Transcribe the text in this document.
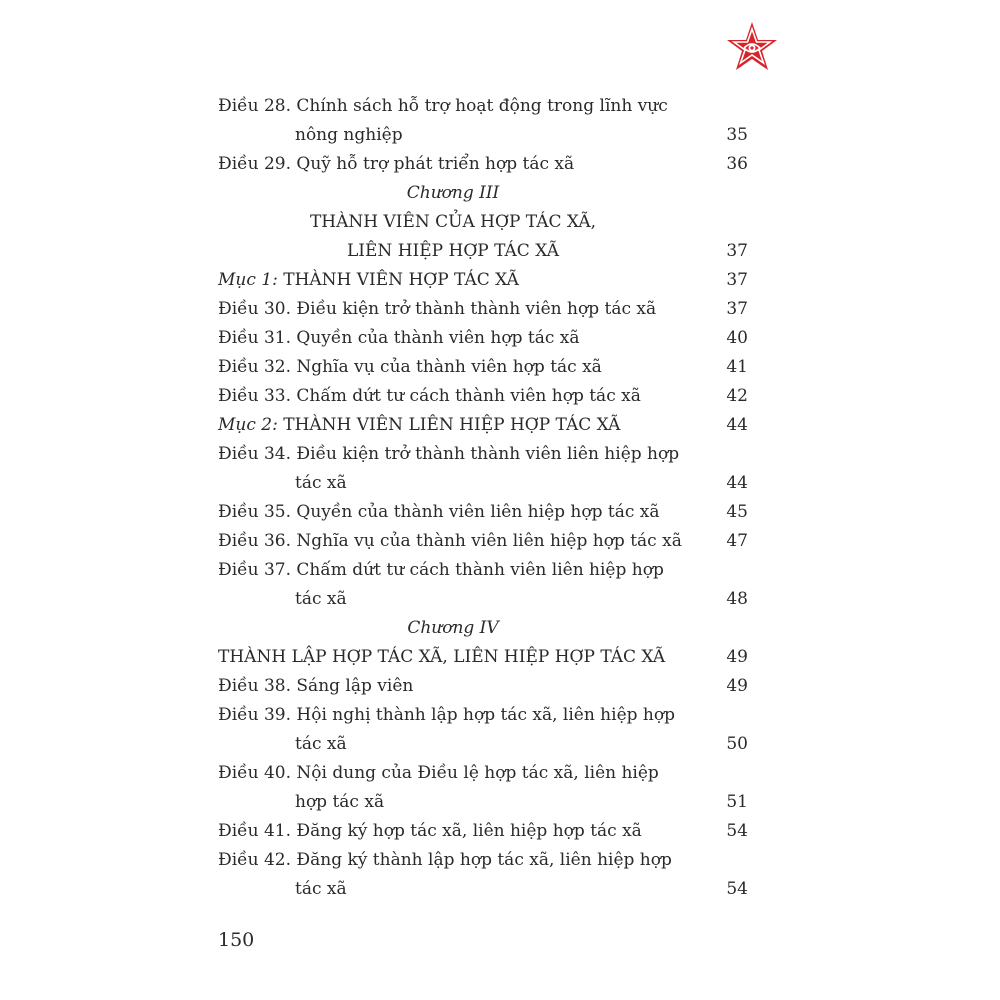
Điều 28. Chính sách hỗ trợ hoạt động trong lĩnh vực
nông nghiệp	35
Điều 29. Quỹ hỗ trợ phát triển hợp tác xã	36
Chương III
THÀNH VIÊN CỦA HỢP TÁC XÃ,
LIÊN HIỆP HỢP TÁC XÃ	37
Mục 1: THÀNH VIÊN HỢP TÁC XÃ	37
Điều 30. Điều kiện trở thành thành viên hợp tác xã	37
Điều 31. Quyền của thành viên hợp tác xã	40
Điều 32. Nghĩa vụ của thành viên hợp tác xã	41
Điều 33. Chấm dứt tư cách thành viên hợp tác xã	42
Mục 2: THÀNH VIÊN LIÊN HIỆP HỢP TÁC XÃ	44
Điều 34. Điều kiện trở thành thành viên liên hiệp hợp
tác xã	44
Điều 35. Quyền của thành viên liên hiệp hợp tác xã	45
Điều 36. Nghĩa vụ của thành viên liên hiệp hợp tác xã	47
Điều 37. Chấm dứt tư cách thành viên liên hiệp hợp
tác xã	48
Chương IV
THÀNH LẬP HỢP TÁC XÃ, LIÊN HIỆP HỢP TÁC XÃ	49
Điều 38. Sáng lập viên	49
Điều 39. Hội nghị thành lập hợp tác xã, liên hiệp hợp
tác xã	50
Điều 40. Nội dung của Điều lệ hợp tác xã, liên hiệp
hợp tác xã	51
Điều 41. Đăng ký hợp tác xã, liên hiệp hợp tác xã	54
Điều 42. Đăng ký thành lập hợp tác xã, liên hiệp hợp
tác xã	54
150
